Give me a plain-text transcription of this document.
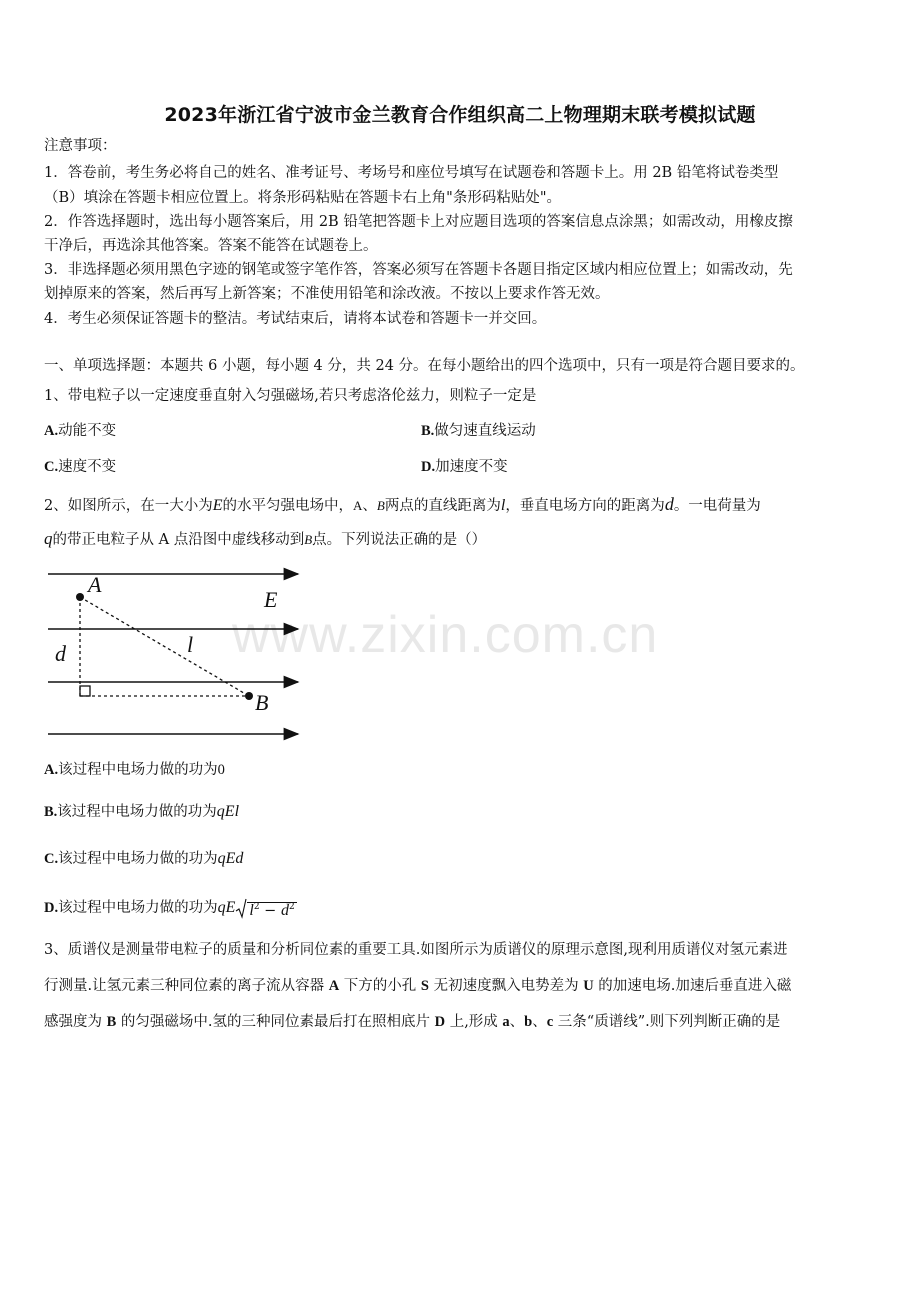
2023年浙江省宁波市金兰教育合作组织高二上物理期末联考模拟试题
注意事项：
1．答卷前，考生务必将自己的姓名、准考证号、考场号和座位号填写在试题卷和答题卡上。用 2B 铅笔将试卷类型
（B）填涂在答题卡相应位置上。将条形码粘贴在答题卡右上角"条形码粘贴处"。
2．作答选择题时，选出每小题答案后，用 2B 铅笔把答题卡上对应题目选项的答案信息点涂黑；如需改动，用橡皮擦
干净后，再选涂其他答案。答案不能答在试题卷上。
3．非选择题必须用黑色字迹的钢笔或签字笔作答，答案必须写在答题卡各题目指定区域内相应位置上；如需改动，先
划掉原来的答案，然后再写上新答案；不准使用铅笔和涂改液。不按以上要求作答无效。
4．考生必须保证答题卡的整洁。考试结束后，请将本试卷和答题卡一并交回。
一、单项选择题：本题共 6 小题，每小题 4 分，共 24 分。在每小题给出的四个选项中，只有一项是符合题目要求的。
1、带电粒子以一定速度垂直射入匀强磁场,若只考虑洛伦兹力，则粒子一定是
A.动能不变	B.做匀速直线运动
C.速度不变	D.加速度不变
2、如图所示，在一大小为E的水平匀强电场中，A、B两点的直线距离为l，垂直电场方向的距离为d。一电荷量为
q的带正电粒子从 A 点沿图中虚线移动到B点。下列说法正确的是（）
www.zixin.com.cn
A
E
d	l
B
A.该过程中电场力做的功为0
B.该过程中电场力做的功为qEl
C.该过程中电场力做的功为qEd
D.该过程中电场力做的功为qE $l^2 - d^2$
3、质谱仪是测量带电粒子的质量和分析同位素的重要工具.如图所示为质谱仪的原理示意图,现利用质谱仪对氢元素进
行测量.让氢元素三种同位素的离子流从容器 A 下方的小孔 S 无初速度飘入电势差为 U 的加速电场.加速后垂直进入磁
感强度为 B 的匀强磁场中.氢的三种同位素最后打在照相底片 D 上,形成 a、b、c 三条“质谱线”.则下列判断正确的是
